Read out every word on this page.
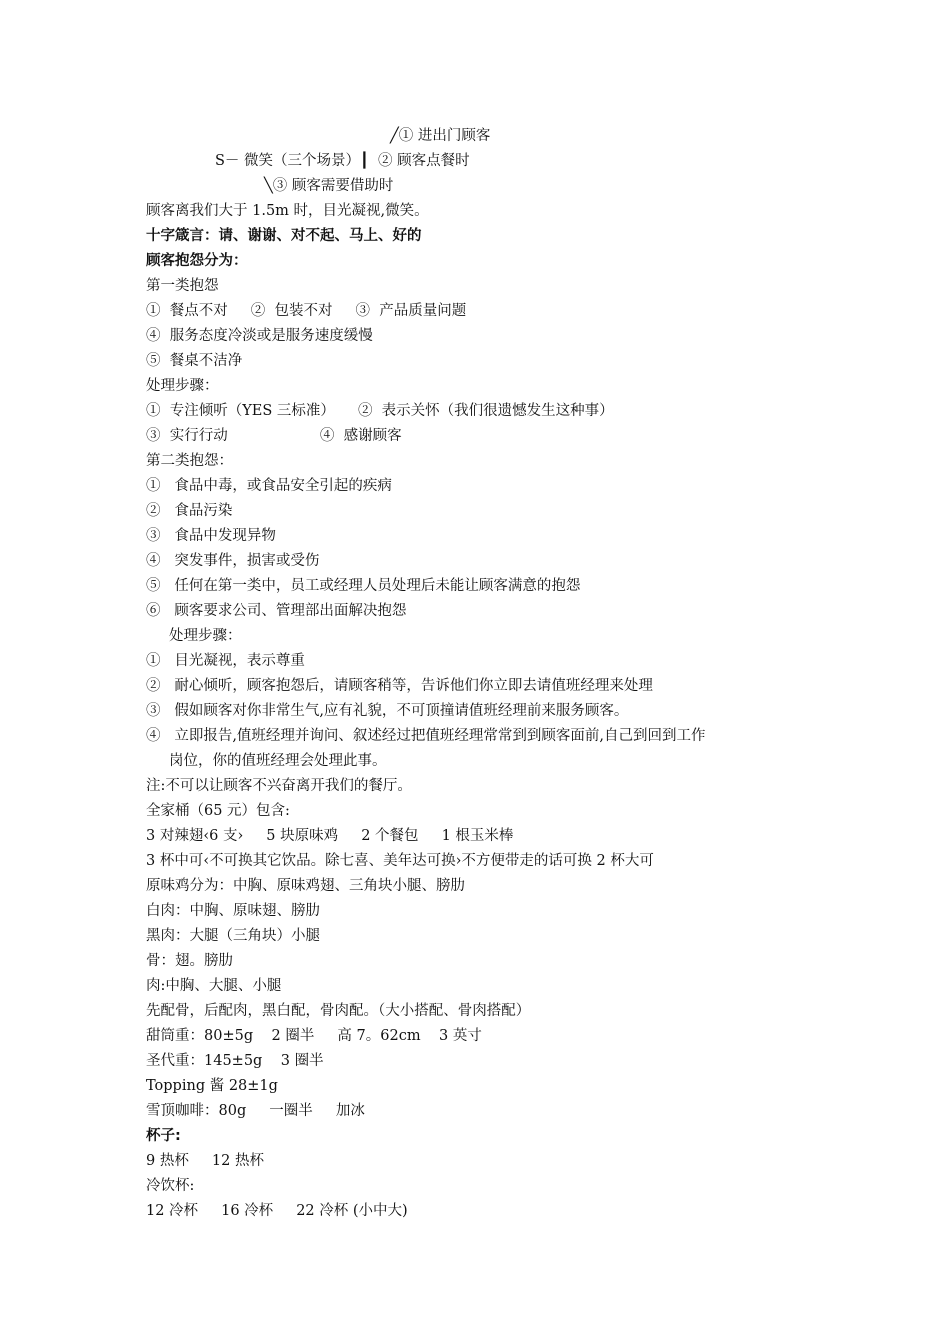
╱① 进出门顾客
S－ 微笑（三个场景）┃  ② 顾客点餐时
╲③ 顾客需要借助时
顾客离我们大于 1.5m 时，目光凝视,微笑。
十字箴言：请、谢谢、对不起、马上、好的
顾客抱怨分为：
第一类抱怨
①  餐点不对     ②  包装不对     ③  产品质量问题
④  服务态度冷淡或是服务速度缓慢
⑤  餐桌不洁净
处理步骤：
①  专注倾听（YES 三标准）     ②  表示关怀（我们很遗憾发生这种事）
③  实行行动                    ④  感谢顾客
第二类抱怨：
①   食品中毒，或食品安全引起的疾病
②   食品污染
③   食品中发现异物
④   突发事件，损害或受伤
⑤   任何在第一类中，员工或经理人员处理后未能让顾客满意的抱怨
⑥   顾客要求公司、管理部出面解决抱怨
处理步骤：
①   目光凝视，表示尊重
②   耐心倾听，顾客抱怨后，请顾客稍等，告诉他们你立即去请值班经理来处理
③   假如顾客对你非常生气,应有礼貌，不可顶撞请值班经理前来服务顾客。
④   立即报告,值班经理并询问、叙述经过把值班经理常常到到顾客面前,自己到回到工作
岗位，你的值班经理会处理此事。
注:不可以让顾客不兴奋离开我们的餐厅。
全家桶（65 元）包含:
3 对辣翅‹6 支›     5 块原味鸡     2 个餐包     1 根玉米棒
3 杯中可‹不可换其它饮品。除七喜、美年达可换›不方便带走的话可换 2 杯大可
原味鸡分为：中胸、原味鸡翅、三角块小腿、膀肋
白肉：中胸、原味翅、膀肋
黑肉：大腿（三角块）小腿
骨：翅。膀肋
肉:中胸、大腿、小腿
先配骨，后配肉，黑白配，骨肉配。（大小搭配、骨肉搭配）
甜筒重：80±5g    2 圈半     高 7。62cm    3 英寸
圣代重：145±5g    3 圈半
Topping 酱 28±1g
雪顶咖啡：80g     一圈半     加冰
杯子:
9 热杯     12 热杯
冷饮杯:
12 冷杯     16 冷杯     22 冷杯 (小中大)
